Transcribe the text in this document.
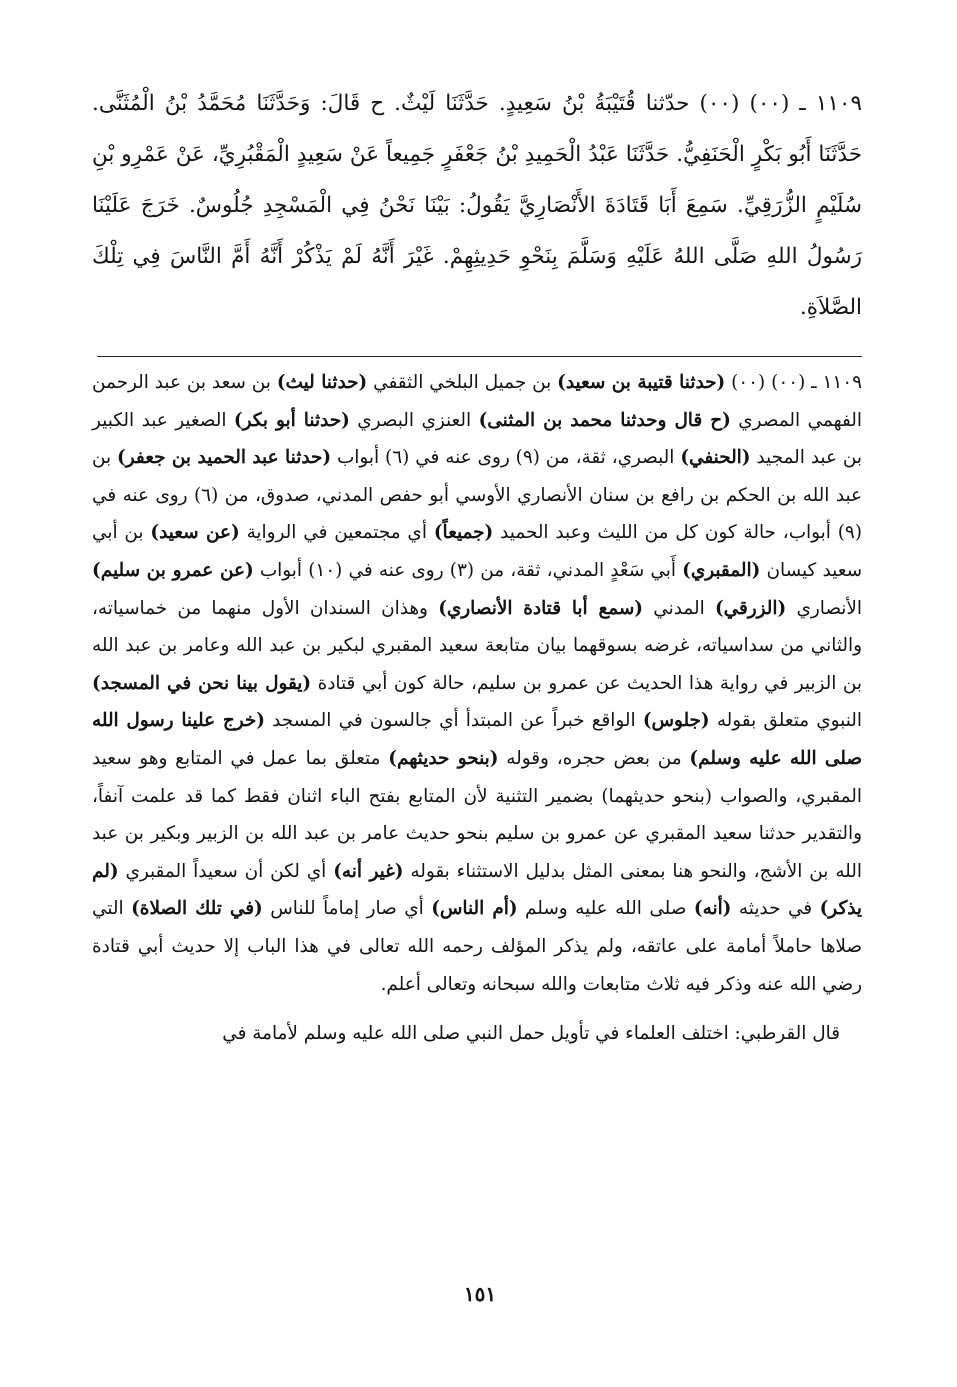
١١٠٩ ـ (٠٠) (٠٠) حدّثنا قُتَيْبَةُ بْنُ سَعِيدٍ. حَدَّثَنَا لَيْثٌ. ح قَالَ: وَحَدَّثَنَا مُحَمَّدُ بْنُ الْمُثَنَّى. حَدَّثَنَا أَبُو بَكْرٍ الْحَنَفِيُّ. حَدَّثَنَا عَبْدُ الْحَمِيدِ بْنُ جَعْفَرٍ جَمِيعاً عَنْ سَعِيدٍ الْمَقْبُرِيِّ، عَنْ عَمْرِو بْنِ سُلَيْمٍ الزُّرَقِيِّ. سَمِعَ أَبَا قَتَادَةَ الأَنْصَارِيَّ يَقُولُ: بَيْنَا نَحْنُ فِي الْمَسْجِدِ جُلُوسٌ. خَرَجَ عَلَيْنَا رَسُولُ اللهِ صَلَّى اللهُ عَلَيْهِ وَسَلَّمَ بِنَحْوِ حَدِيثِهِمْ. غَيْرَ أَنَّهُ لَمْ يَذْكُرْ أَنَّهُ أَمَّ النَّاسَ فِي تِلْكَ الصَّلاَةِ.

١١٠٩ ـ (٠٠) (٠٠) (حدثنا قتيبة بن سعيد) بن جميل البلخي الثقفي (حدثنا ليث) بن سعد بن عبد الرحمن الفهمي المصري (ح قال وحدثنا محمد بن المثنى) العنزي البصري (حدثنا أبو بكر) الصغير عبد الكبير بن عبد المجيد (الحنفي) البصري، ثقة، من (٩) روى عنه في (٦) أبواب (حدثنا عبد الحميد بن جعفر) بن عبد الله بن الحكم بن رافع بن سنان الأنصاري الأوسي أبو حفص المدني، صدوق، من (٦) روى عنه في (٩) أبواب، حالة كون كل من الليث وعبد الحميد (جميعاً) أي مجتمعين في الرواية (عن سعيد) بن أبي سعيد كيسان (المقبري) أَبي سَعْدٍ المدني، ثقة، من (٣) روى عنه في (١٠) أبواب (عن عمرو بن سليم) الأنصاري (الزرقي) المدني (سمع أبا قتادة الأنصاري) وهذان السندان الأول منهما من خماسياته، والثاني من سداسياته، غرضه بسوقهما بيان متابعة سعيد المقبري لبكير بن عبد الله وعامر بن عبد الله بن الزبير في رواية هذا الحديث عن عمرو بن سليم، حالة كون أبي قتادة (يقول بينا نحن في المسجد) النبوي متعلق بقوله (جلوس) الواقع خبراً عن المبتدأ أي جالسون في المسجد (خرج علينا رسول الله صلى الله عليه وسلم) من بعض حجره، وقوله (بنحو حديثهم) متعلق بما عمل في المتابع وهو سعيد المقبري، والصواب (بنحو حديثهما) بضمير التثنية لأن المتابع بفتح الباء اثنان فقط كما قد علمت آنفاً، والتقدير حدثنا سعيد المقبري عن عمرو بن سليم بنحو حديث عامر بن عبد الله بن الزبير وبكير بن عبد الله بن الأشج، والنحو هنا بمعنى المثل بدليل الاستثناء بقوله (غير أنه) أي لكن أن سعيداً المقبري (لم يذكر) في حديثه (أنه) صلى الله عليه وسلم (أم الناس) أي صار إماماً للناس (في تلك الصلاة) التي صلاها حاملاً أمامة على عاتقه، ولم يذكر المؤلف رحمه الله تعالى في هذا الباب إلا حديث أبي قتادة رضي الله عنه وذكر فيه ثلاث متابعات والله سبحانه وتعالى أعلم.

قال القرطبي: اختلف العلماء في تأويل حمل النبي صلى الله عليه وسلم لأمامة في

١٥١
